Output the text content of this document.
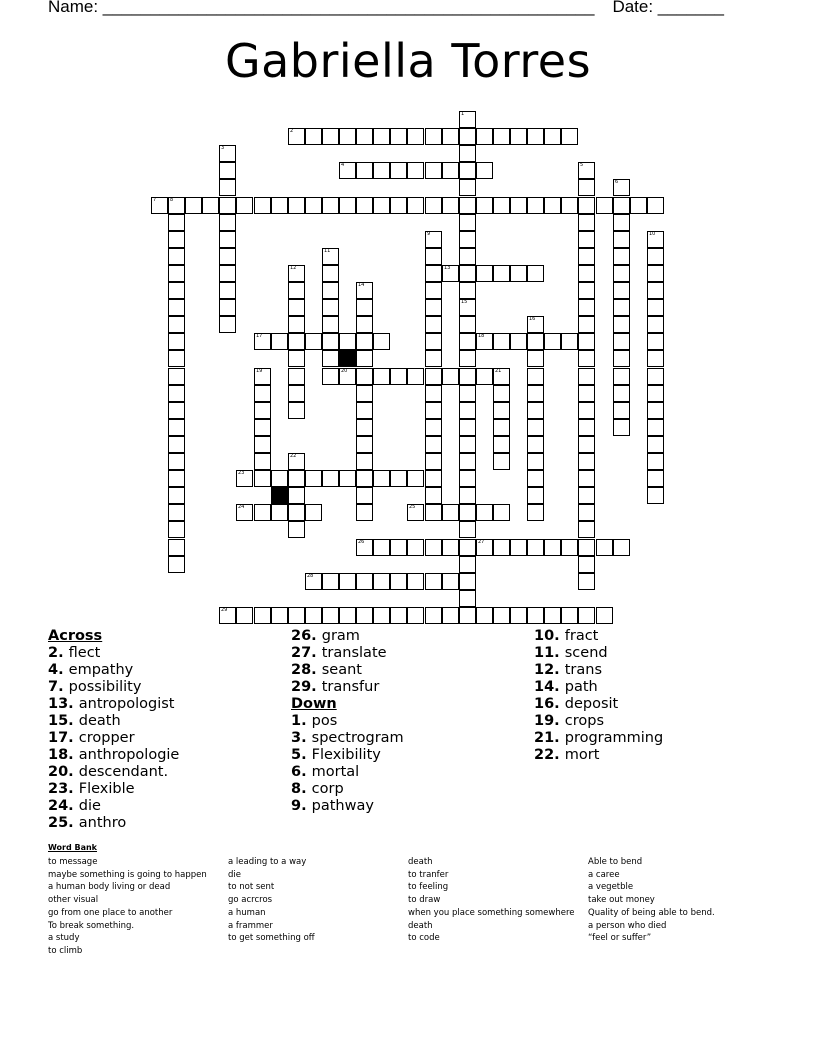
Name: ____________________________________________________ Date: _______
Gabriella Torres
1
15
2
3
4	5
6
7	8
9	10
11
12	13
14
16
17	18
19	20	21
22
23
24	25
26	27
28
29
Across
2. flect
4. empathy
7. possibility
13. antropologist
15. death
17. cropper
18. anthropologie
20. descendant.
23. Flexible
24. die
25. anthro
26. gram
27. translate
28. seant
29. transfur
Down
1. pos
3. spectrogram
5. Flexibility
6. mortal
8. corp
9. pathway
10. fract
11. scend
12. trans
14. path
16. deposit
19. crops
21. programming
22. mort
Word Bank
to message
maybe something is going to happen
a human body living or dead
other visual
go from one place to another
To break something.
a study
to climb
a leading to a way
die
to not sent
go acrcros
a human
a frammer
to get something off
death
to tranfer
to feeling
to draw
when you place something somewhere
death
to code
Able to bend
a caree
a vegetble
take out money
Quality of being able to bend.
a person who died
“feel or suffer”
